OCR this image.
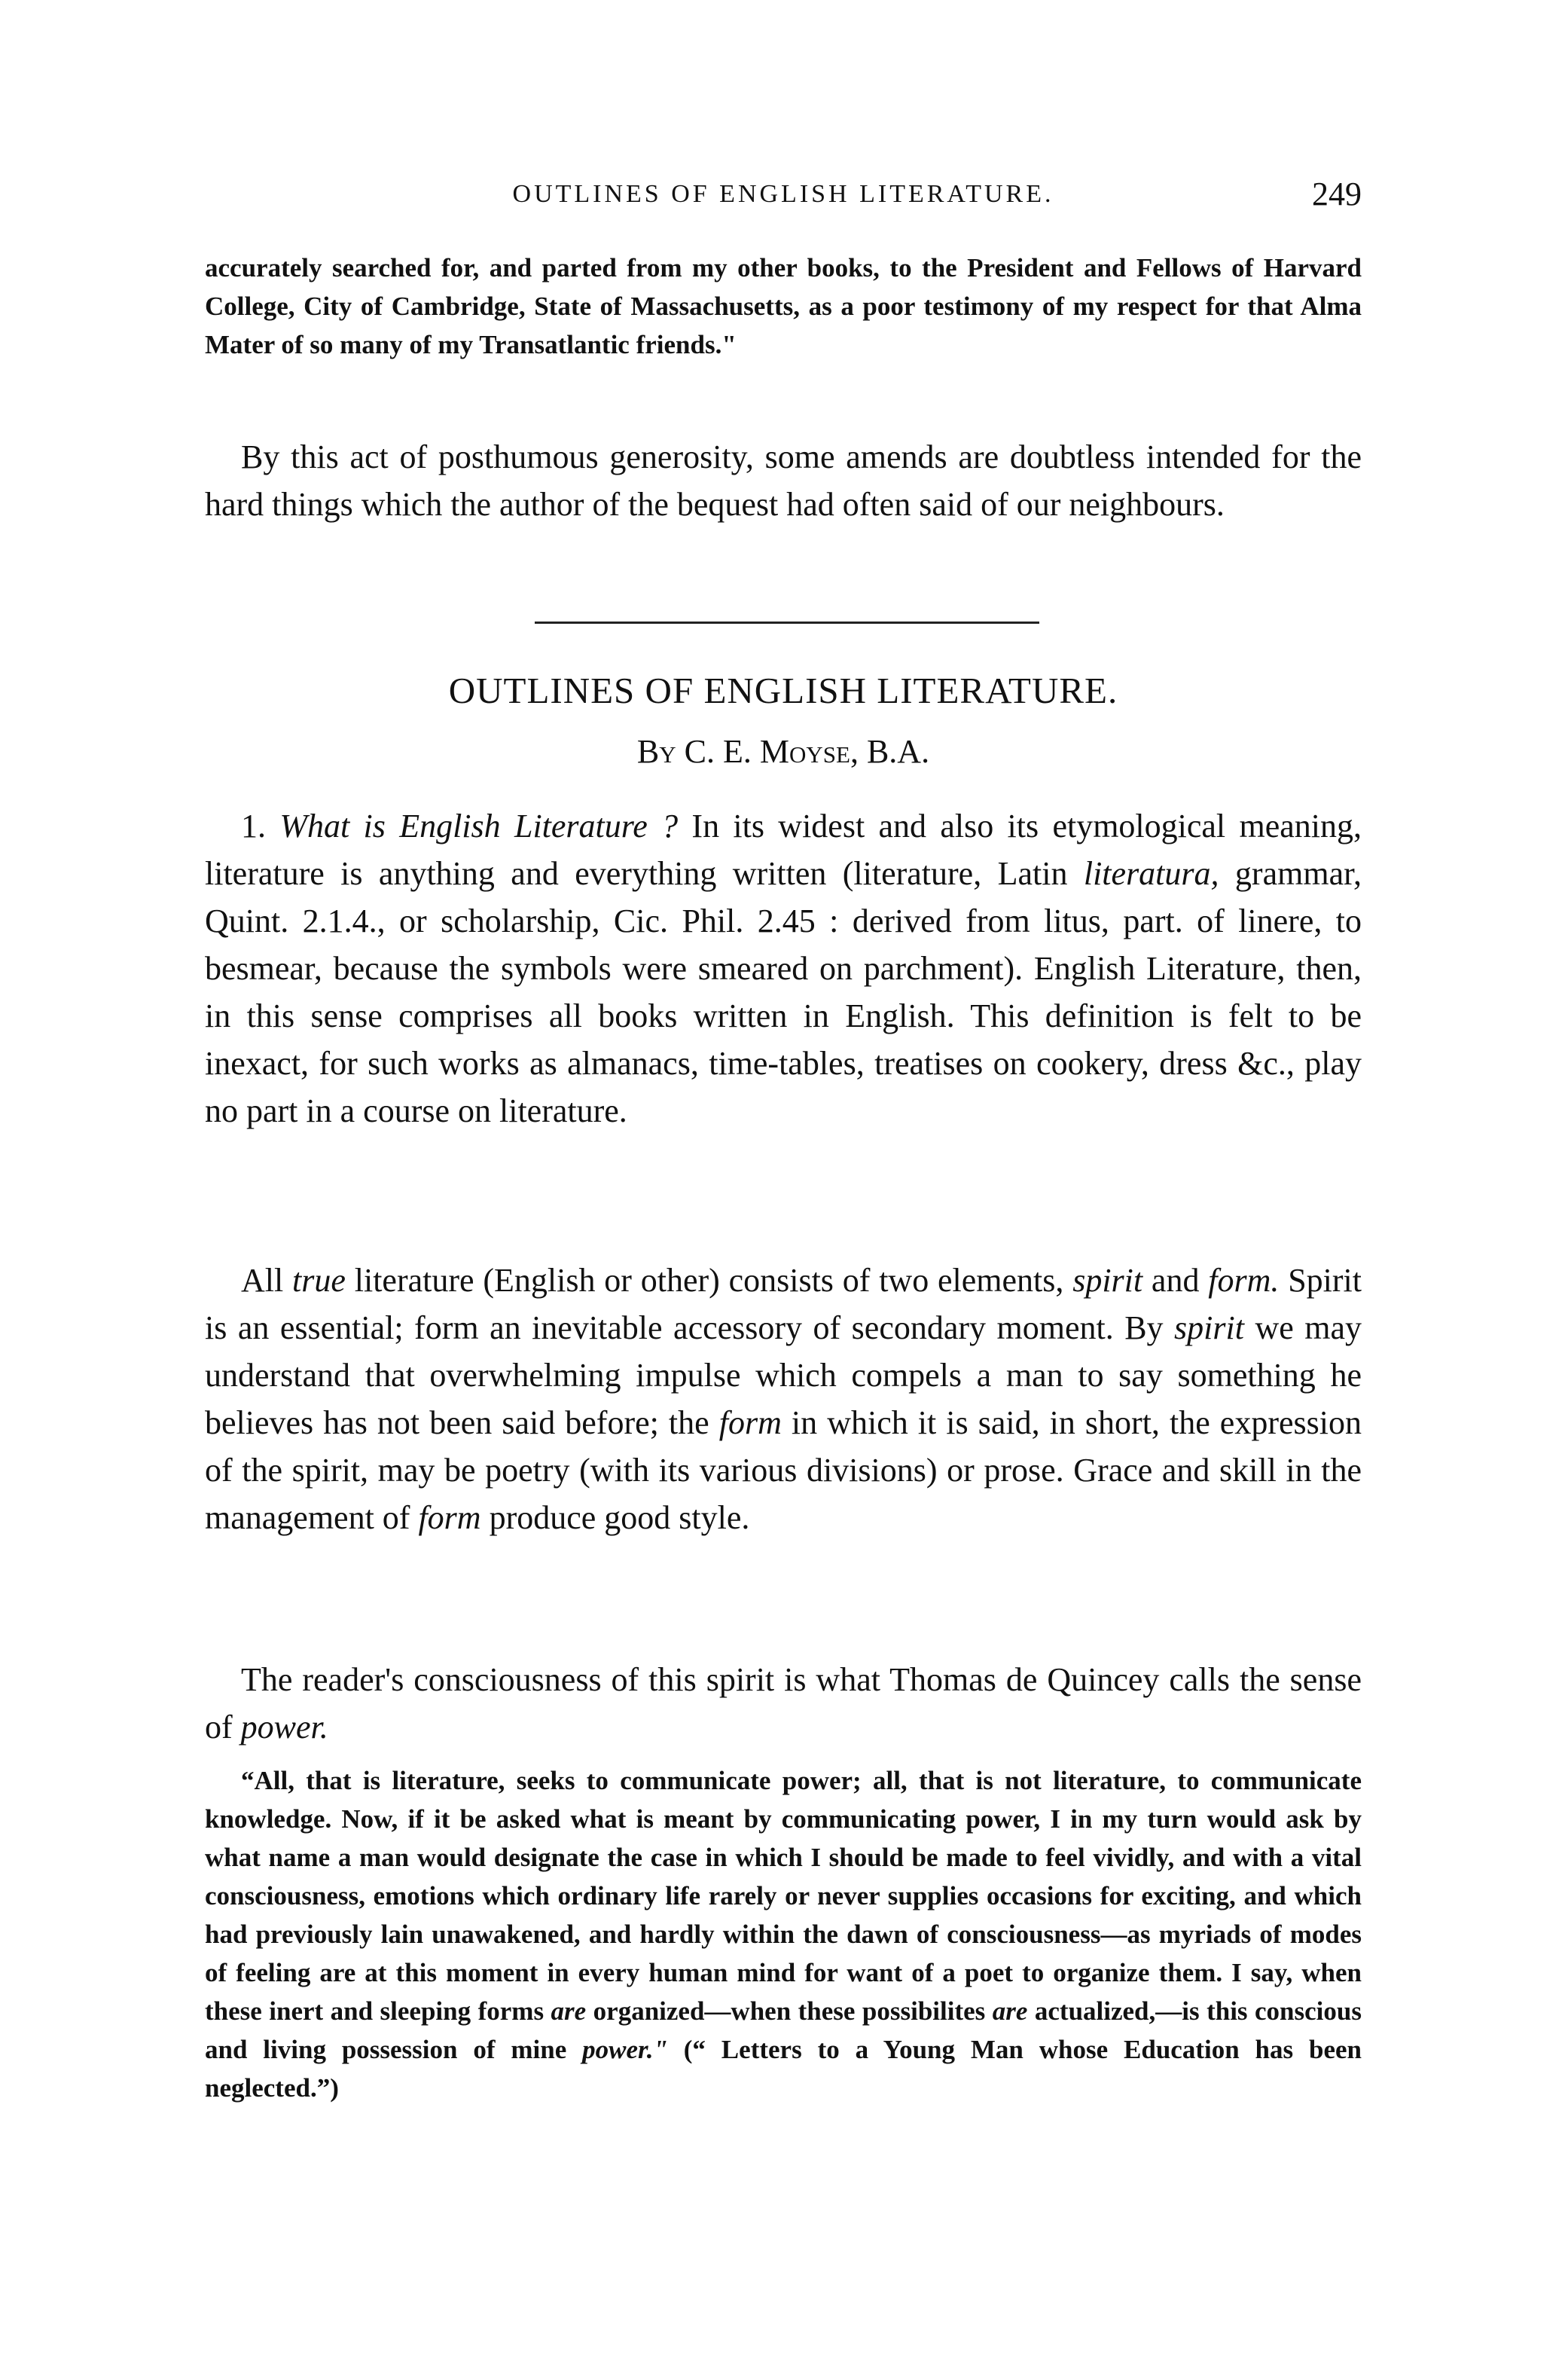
OUTLINES OF ENGLISH LITERATURE.	249

accurately searched for, and parted from my other books, to the President and Fellows of Harvard College, City of Cambridge, State of Massachusetts, as a poor testimony of my respect for that Alma Mater of so many of my Transatlantic friends."

By this act of posthumous generosity, some amends are doubtless intended for the hard things which the author of the bequest had often said of our neighbours.

OUTLINES OF ENGLISH LITERATURE.
By C. E. Moyse, B.A.

1. What is English Literature ? In its widest and also its etymological meaning, literature is anything and everything written (literature, Latin literatura, grammar, Quint. 2.1.4., or scholarship, Cic. Phil. 2.45 : derived from litus, part. of linere, to besmear, because the symbols were smeared on parchment). English Literature, then, in this sense comprises all books written in English. This definition is felt to be inexact, for such works as almanacs, time-tables, treatises on cookery, dress &c., play no part in a course on literature.

All true literature (English or other) consists of two elements, spirit and form. Spirit is an essential; form an inevitable accessory of secondary moment. By spirit we may understand that overwhelming impulse which compels a man to say something he believes has not been said before; the form in which it is said, in short, the expression of the spirit, may be poetry (with its various divisions) or prose. Grace and skill in the management of form produce good style.

The reader's consciousness of this spirit is what Thomas de Quincey calls the sense of power.

“All, that is literature, seeks to communicate power; all, that is not literature, to communicate knowledge. Now, if it be asked what is meant by communicating power, I in my turn would ask by what name a man would designate the case in which I should be made to feel vividly, and with a vital consciousness, emotions which ordinary life rarely or never supplies occasions for exciting, and which had previously lain unawakened, and hardly within the dawn of consciousness—as myriads of modes of feeling are at this moment in every human mind for want of a poet to organize them. I say, when these inert and sleeping forms are organized—when these possibilites are actualized,—is this conscious and living possession of mine power." (“ Letters to a Young Man whose Education has been neglected.”)
